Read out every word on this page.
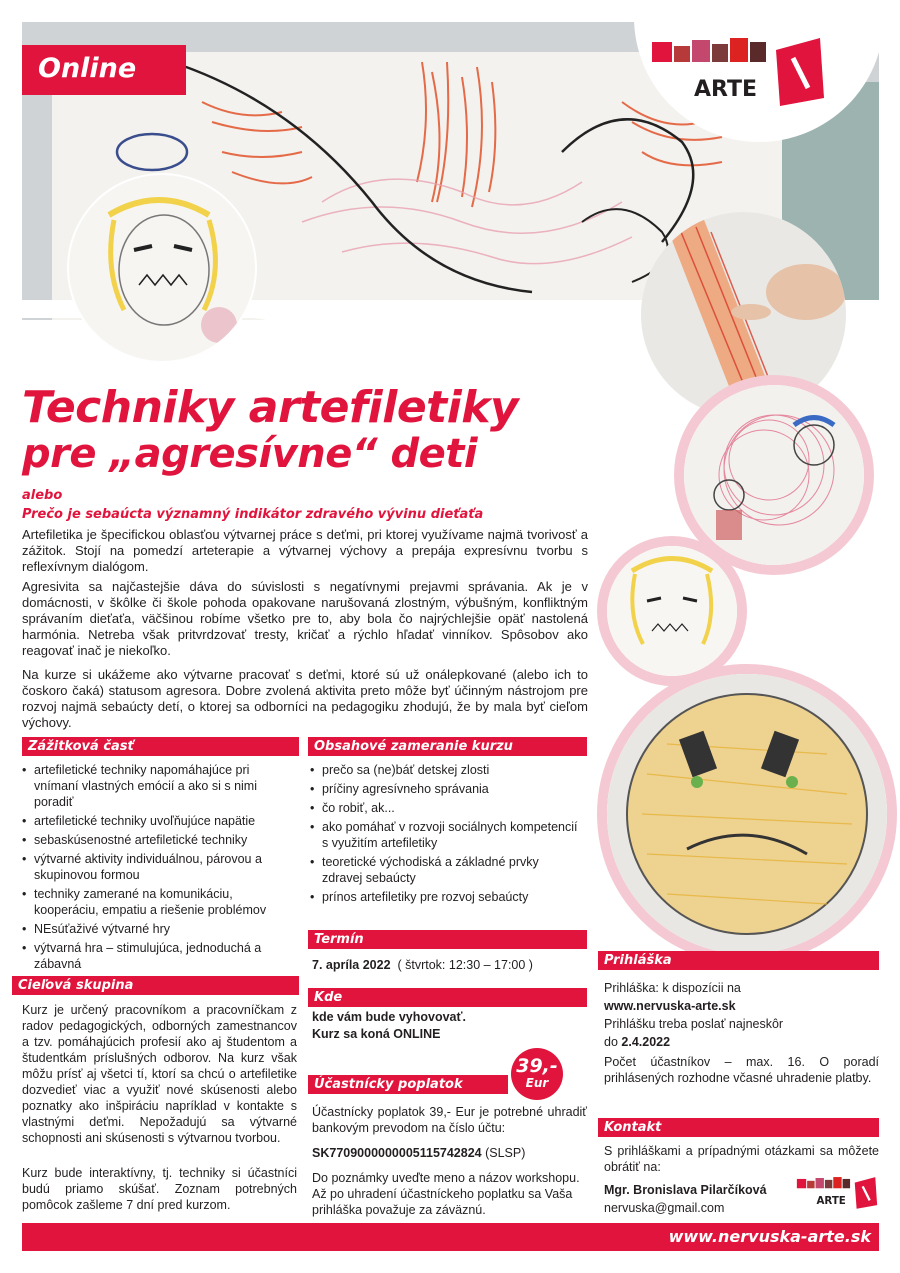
Online
ARTE
Techniky artefiletiky
pre „agresívne“ deti
alebo
Prečo je sebaúcta významný indikátor zdravého vývinu dieťaťa

Artefiletika je špecifickou oblasťou výtvarnej práce s deťmi, pri ktorej využívame najmä tvorivosť a zážitok. Stojí na pomedzí arteterapie a výtvarnej výchovy a prepája expresívnu tvorbu s reflexívnym dialógom.

Agresivita sa najčastejšie dáva do súvislosti s negatívnymi prejavmi správania. Ak je v domácnosti, v škôlke či škole pohoda opakovane narušovaná zlostným, výbušným, konfliktným správaním dieťaťa, väčšinou robíme všetko pre to, aby bola čo najrýchlejšie opäť nastolená harmónia. Netreba však pritvrdzovať tresty, kričať a rýchlo hľadať vinníkov. Spôsobov ako reagovať inač je niekoľko.

Na kurze si ukážeme ako výtvarne pracovať s deťmi, ktoré sú už onálepkované (alebo ich to čoskoro čaká) statusom agresora. Dobre zvolená aktivita preto môže byť účinným nástrojom pre rozvoj najmä sebaúcty detí, o ktorej sa odborníci na pedagogiku zhodujú, že by mala byť cieľom výchovy.

Zážitková časť
• artefiletické techniky napomáhajúce pri vnímaní vlastných emócií a ako si s nimi poradiť
• artefiletické techniky uvoľňujúce napätie
• sebaskúsenostné artefiletické techniky
• výtvarné aktivity individuálnou, párovou a skupinovou formou
• techniky zamerané na komunikáciu, kooperáciu, empatiu a riešenie problémov
• NEsúťaživé výtvarné hry
• výtvarná hra – stimulujúca, jednoduchá a zábavná
Obsahové zameranie kurzu
• prečo sa (ne)báť detskej zlosti
• príčiny agresívneho správania
• čo robiť, ak...
• ako pomáhať v rozvoji sociálnych kompetencií s využitím artefiletiky
• teoretické východiská a základné prvky zdravej sebaúcty
• prínos artefiletiky pre rozvoj sebaúcty
Cieľová skupina

Kurz je určený pracovníkom a pracovníčkam z radov pedagogických, odborných zamestnancov a tzv. pomáhajúcich profesií ako aj študentom a študentkám príslušných odborov. Na kurz však môžu prísť aj všetci tí, ktorí sa chcú o artefiletike dozvedieť viac a využiť nové skúsenosti alebo poznatky ako inšpiráciu napríklad v kontakte s vlastnými deťmi. Nepožadujú sa výtvarné schopnosti ani skúsenosti s výtvarnou tvorbou.

Kurz bude interaktívny, tj. techniky si účastníci budú priamo skúšať. Zoznam potrebných pomôcok zašleme 7 dní pred kurzom.

Termín

7. apríla 2022 ( štvrtok: 12:30 – 17:00 )

Kde

kde vám bude vyhovovať.

Kurz sa koná ONLINE

Účastnícky poplatok
39,-
Eur

Účastnícky poplatok 39,- Eur je potrebné uhradiť bankovým prevodom na číslo účtu:

SK7709000000005115742824 (SLSP)

Do poznámky uveďte meno a názov workshopu. Až po uhradení účastníckeho poplatku sa Vaša prihláška považuje za záväznú.

Prihláška

Prihláška: k dispozícii na

www.nervuska-arte.sk

Prihlášku treba poslať najneskôr

do 2.4.2022

Počet účastníkov – max. 16. O poradí prihlásených rozhodne včasné uhradenie platby.

Kontakt

S prihláškami a prípadnými otázkami sa môžete obrátiť na:

Mgr. Bronislava Pilarčíková

nervuska@gmail.com	ARTE
www.nervuska-arte.sk
